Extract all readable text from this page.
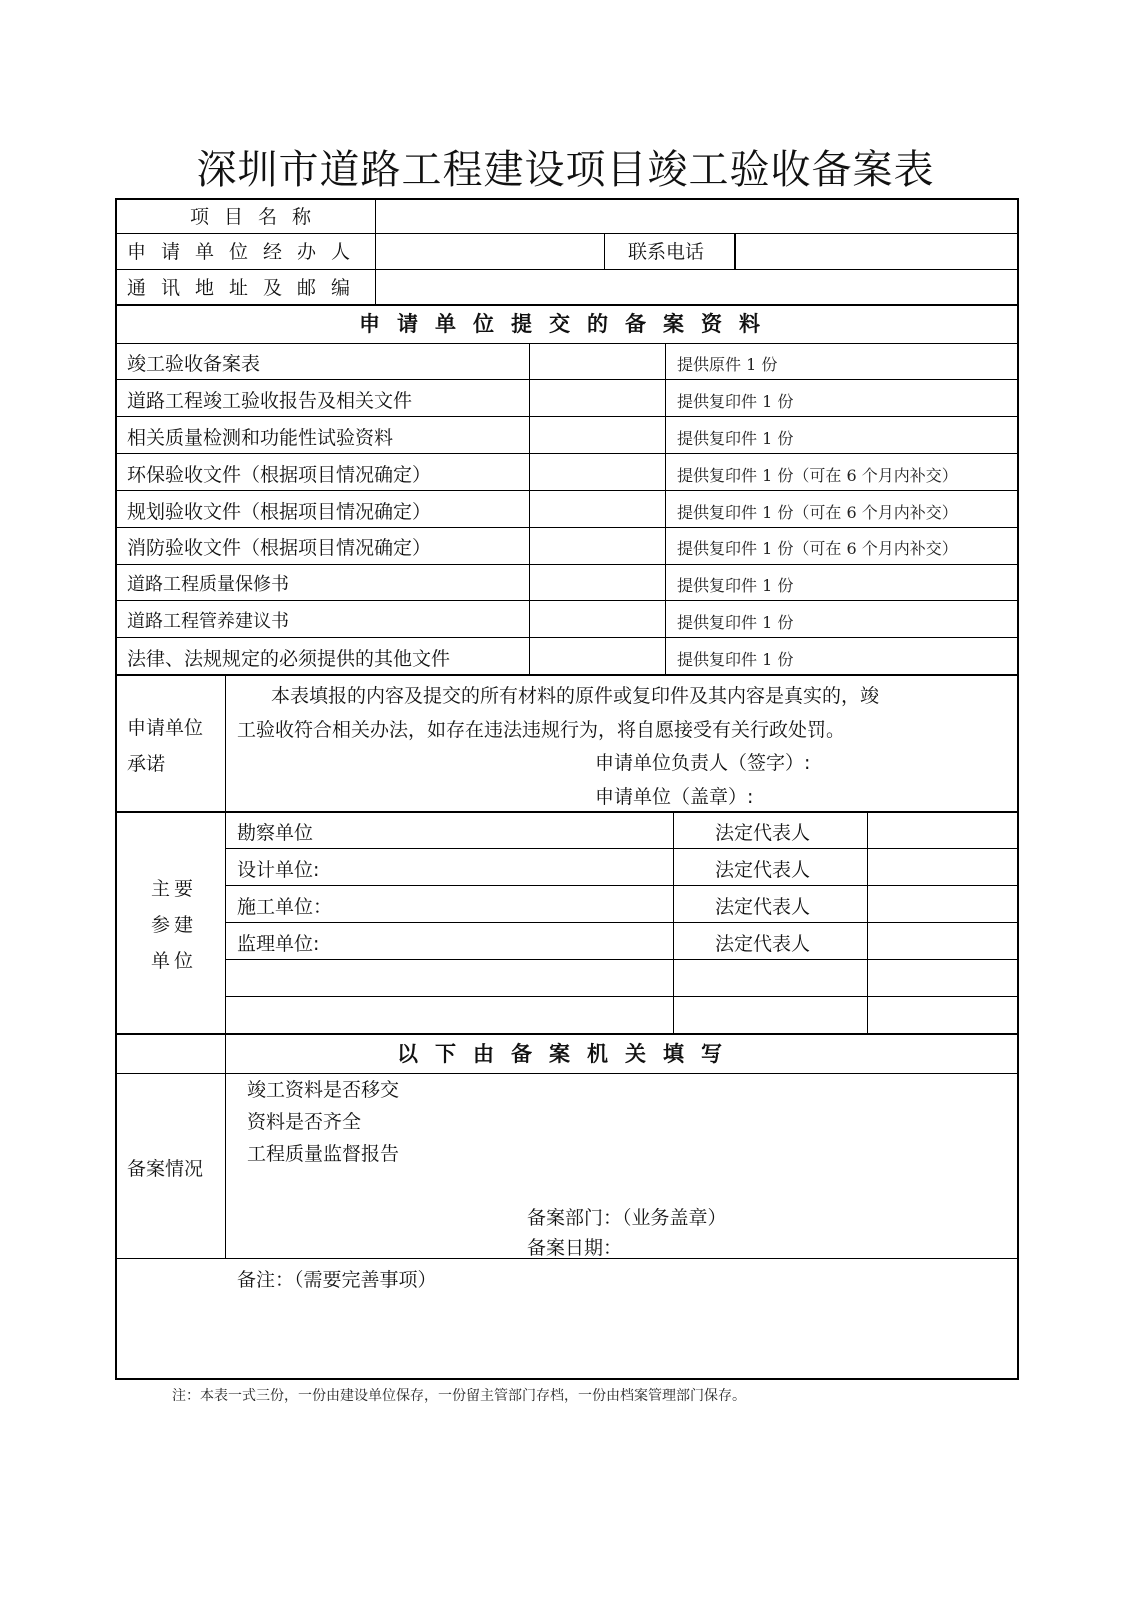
深圳市道路工程建设项目竣工验收备案表
项目名称
申请单位经办人	联系电话
通讯地址及邮编
申请单位提交的备案资料
竣工验收备案表	提供原件 1 份
道路工程竣工验收报告及相关文件	提供复印件 1 份
相关质量检测和功能性试验资料	提供复印件 1 份
环保验收文件（根据项目情况确定）	提供复印件 1 份（可在 6 个月内补交）
规划验收文件（根据项目情况确定）	提供复印件 1 份（可在 6 个月内补交）
消防验收文件（根据项目情况确定）	提供复印件 1 份（可在 6 个月内补交）
道路工程质量保修书	提供复印件 1 份
道路工程管养建议书	提供复印件 1 份
法律、法规规定的必须提供的其他文件	提供复印件 1 份
申请单位
承诺
本表填报的内容及提交的所有材料的原件或复印件及其内容是真实的，竣
工验收符合相关办法，如存在违法违规行为，将自愿接受有关行政处罚。
申请单位负责人（签字）:
申请单位（盖章）:
主要
参建
单位
勘察单位	法定代表人
设计单位:	法定代表人
施工单位：	法定代表人
监理单位:	法定代表人
以下由备案机关填写
备案情况
竣工资料是否移交
资料是否齐全
工程质量监督报告
备案部门：（业务盖章）
备案日期：
备注：（需要完善事项）
注：本表一式三份，一份由建设单位保存，一份留主管部门存档，一份由档案管理部门保存。
